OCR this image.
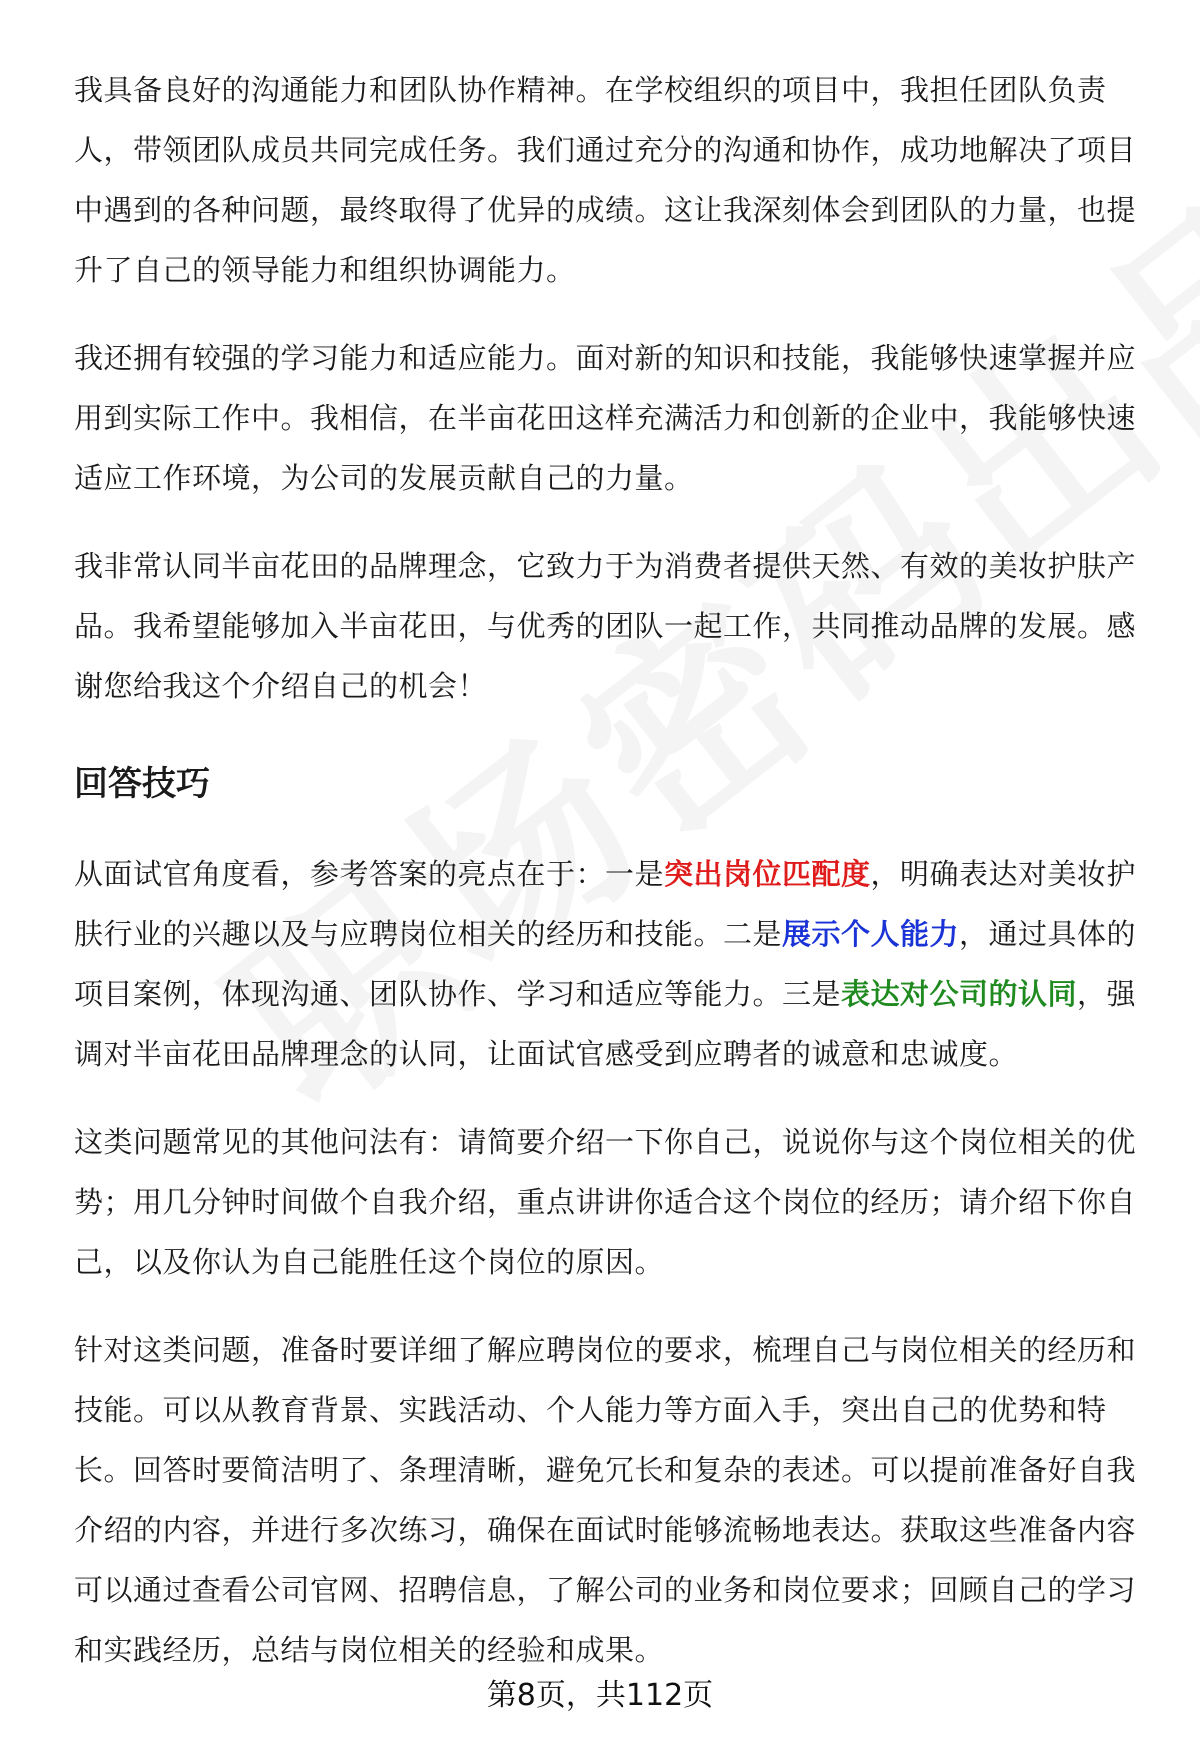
我具备良好的沟通能力和团队协作精神。在学校组织的项目中，我担任团队负责人，带领团队成员共同完成任务。我们通过充分的沟通和协作，成功地解决了项目中遇到的各种问题，最终取得了优异的成绩。这让我深刻体会到团队的力量，也提升了自己的领导能力和组织协调能力。

我还拥有较强的学习能力和适应能力。面对新的知识和技能，我能够快速掌握并应用到实际工作中。我相信，在半亩花田这样充满活力和创新的企业中，我能够快速适应工作环境，为公司的发展贡献自己的力量。

我非常认同半亩花田的品牌理念，它致力于为消费者提供天然、有效的美妆护肤产品。我希望能够加入半亩花田，与优秀的团队一起工作，共同推动品牌的发展。感谢您给我这个介绍自己的机会！

回答技巧

从面试官角度看，参考答案的亮点在于：一是突出岗位匹配度，明确表达对美妆护肤行业的兴趣以及与应聘岗位相关的经历和技能。二是展示个人能力，通过具体的项目案例，体现沟通、团队协作、学习和适应等能力。三是表达对公司的认同，强调对半亩花田品牌理念的认同，让面试官感受到应聘者的诚意和忠诚度。

这类问题常见的其他问法有：请简要介绍一下你自己，说说你与这个岗位相关的优势；用几分钟时间做个自我介绍，重点讲讲你适合这个岗位的经历；请介绍下你自己，以及你认为自己能胜任这个岗位的原因。

针对这类问题，准备时要详细了解应聘岗位的要求，梳理自己与岗位相关的经历和技能。可以从教育背景、实践活动、个人能力等方面入手，突出自己的优势和特长。回答时要简洁明了、条理清晰，避免冗长和复杂的表述。可以提前准备好自我介绍的内容，并进行多次练习，确保在面试时能够流畅地表达。获取这些准备内容可以通过查看公司官网、招聘信息，了解公司的业务和岗位要求；回顾自己的学习和实践经历，总结与岗位相关的经验和成果。

第8页，共112页
